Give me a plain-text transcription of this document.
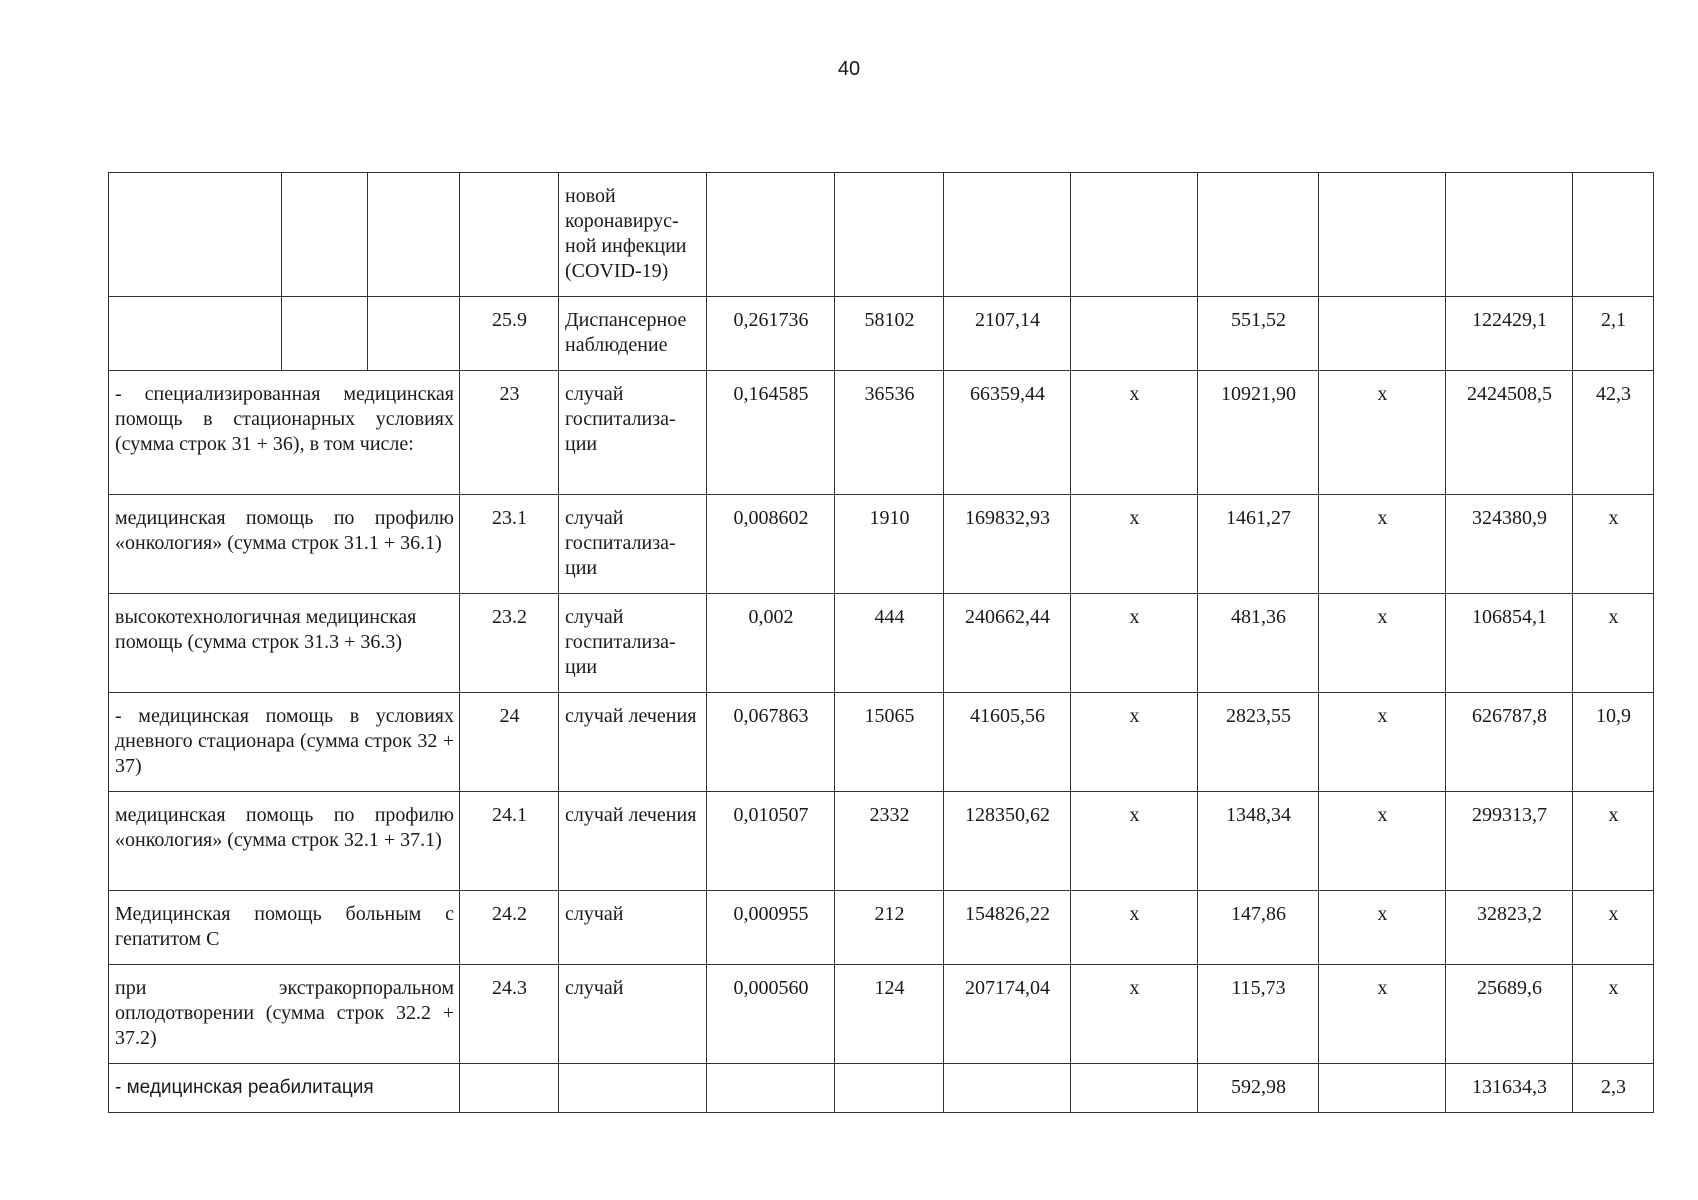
40
				новой коронавирус-ной инфекции (COVID-19)								
			25.9	Диспансерное наблюдение	0,261736	58102	2107,14		551,52		122429,1	2,1
- специализированная медицинская помощь в стационарных условиях (сумма строк 31 + 36), в том числе:			23	случай госпитализа-ции	0,164585	36536	66359,44	х	10921,90	х	2424508,5	42,3
медицинская помощь по профилю «онкология» (сумма строк 31.1 + 36.1)			23.1	случай госпитализа-ции	0,008602	1910	169832,93	х	1461,27	х	324380,9	х
высокотехнологичная медицинская помощь (сумма строк 31.3 + 36.3)			23.2	случай госпитализа-ции	0,002	444	240662,44	х	481,36	х	106854,1	х
- медицинская помощь в условиях дневного стационара (сумма строк 32 + 37)			24	случай лечения	0,067863	15065	41605,56	х	2823,55	х	626787,8	10,9
медицинская помощь по профилю «онкология» (сумма строк 32.1 + 37.1)			24.1	случай лечения	0,010507	2332	128350,62	х	1348,34	х	299313,7	х
Медицинская помощь больным с гепатитом С			24.2	случай	0,000955	212	154826,22	х	147,86	х	32823,2	х
при экстракорпоральном оплодотворении (сумма строк 32.2 + 37.2)			24.3	случай	0,000560	124	207174,04	х	115,73	х	25689,6	х
- медицинская реабилитация									592,98		131634,3	2,3
